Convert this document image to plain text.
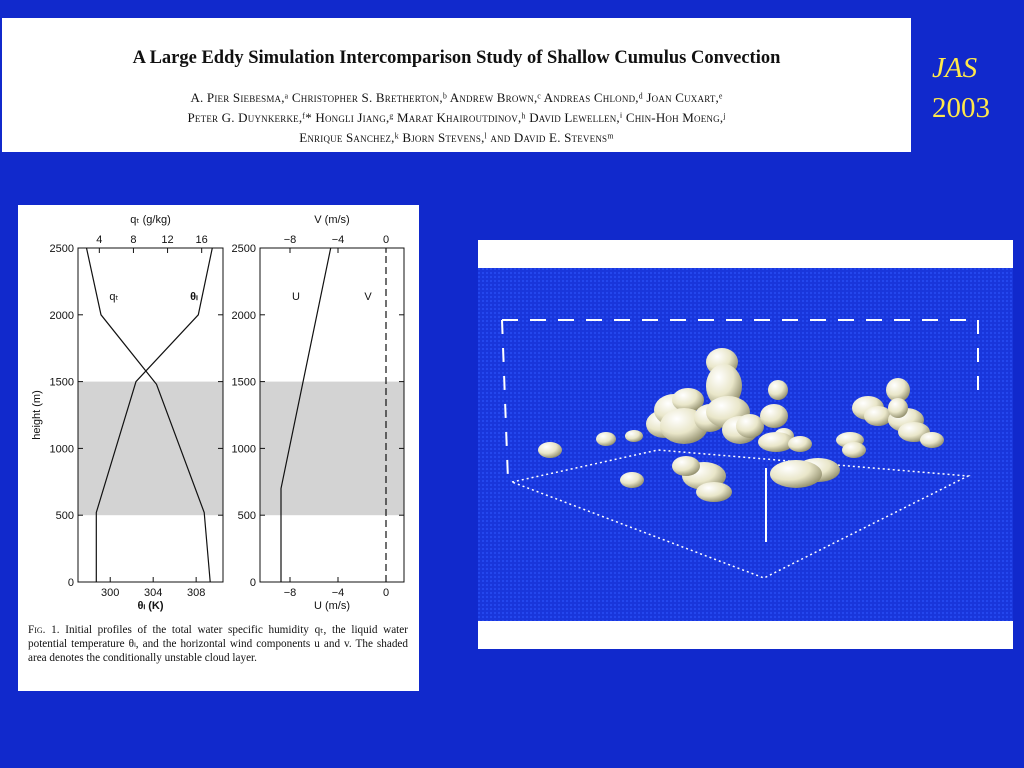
A Large Eddy Simulation Intercomparison Study of Shallow Cumulus Convection
A. Pier Siebesma,ᵃ Christopher S. Bretherton,ᵇ Andrew Brown,ᶜ Andreas Chlond,ᵈ Joan Cuxart,ᵉ
Peter G. Duynkerke,ᶠ* Hongli Jiang,ᵍ Marat Khairoutdinov,ʰ David Lewellen,ⁱ Chin-Hoh Moeng,ʲ
Enrique Sanchez,ᵏ Bjorn Stevens,ˡ and David E. Stevensᵐ
JAS
2003
0
500
1000
1500
2000
2500
4	8 12 16
300 304 308
qₜ (g/kg)
θₗ (K)
height (m)
qₜ	θₗ
0
500
1000
1500
2000
2500
−8	−4	0
−8	−4	0
V (m/s)
U (m/s)
U	V
Fig. 1. Initial profiles of the total water specific humidity qₜ, the liquid water potential temperature θₗ, and the horizontal wind components u and v. The shaded area denotes the conditionally unstable cloud layer.
